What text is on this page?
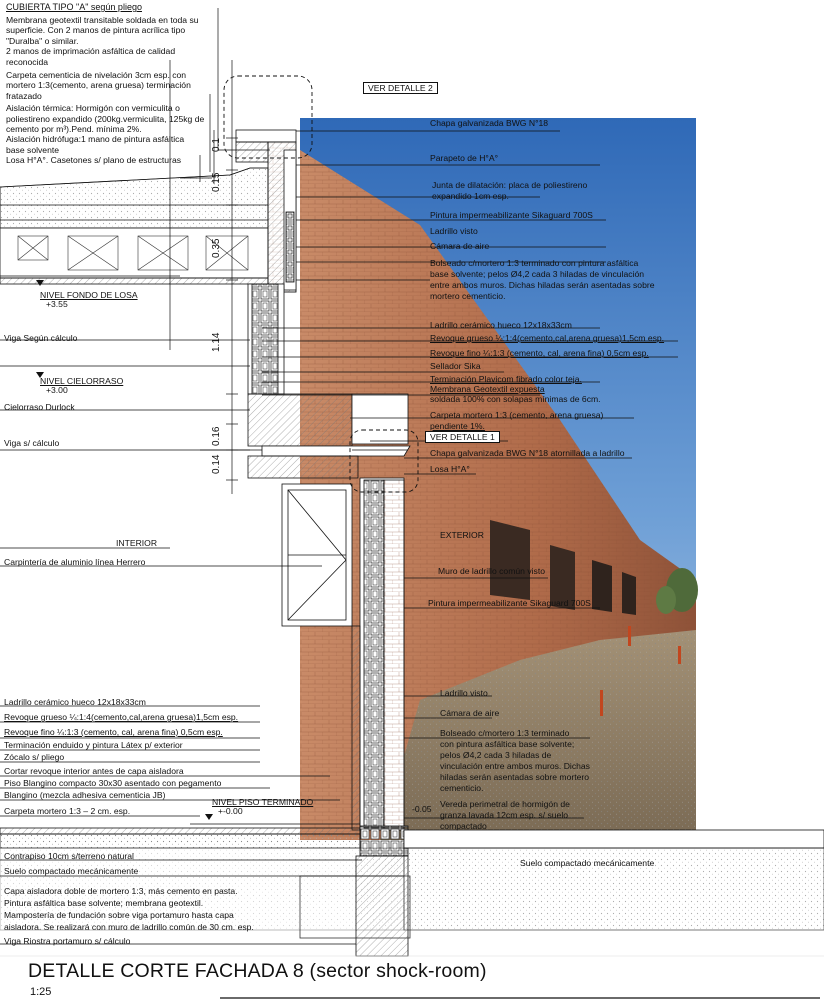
CUBIERTA TIPO "A" según pliego
Membrana geotextil transitable soldada en toda su
superficie. Con 2 manos de pintura acrílica tipo
"Duralba" o similar.
2 manos de imprimación asfáltica de calidad
reconocida
Carpeta cementicia de nivelación 3cm esp. con
mortero 1:3(cemento, arena gruesa) terminación
fratazado
Aislación térmica: Hormigón con vermiculita o
poliestireno expandido (200kg.vermiculita, 125kg de
cemento por m³).Pend. mínima 2%.
Aislación hidrófuga:1 mano de pintura asfáltica
base solvente
Losa H°A°. Casetones s/ plano de estructuras
NIVEL FONDO DE LOSA
+3.55
Viga Según cálculo
NIVEL CIELORRASO
+3.00
Cielorraso Durlock
Viga s/ cálculo
INTERIOR
Carpintería de aluminio línea Herrero
Ladrillo cerámico hueco 12x18x33cm
Revoque grueso ¼:1:4(cemento,cal,arena gruesa)1,5cm esp.
Revoque fino ¼:1:3 (cemento, cal, arena fina) 0,5cm esp.
Terminación enduido y pintura Látex p/ exterior
Zócalo s/ pliego
Cortar revoque interior antes de capa aisladora
Piso Blangino compacto 30x30 asentado con pegamento
Blangino (mezcla adhesiva cementicia JB)
Carpeta mortero 1:3 – 2 cm. esp.
NIVEL PISO TERMINADO
+-0.00
Contrapiso 10cm s/terreno natural
Suelo compactado mecánicamente
Capa aisladora doble de mortero 1:3, más cemento en pasta.
Pintura asfáltica base solvente; membrana geotextil.
Mampostería de fundación sobre viga portamuro hasta capa
aisladora. Se realizará con muro de ladrillo común de 30 cm. esp.
Viga Riostra portamuro s/ cálculo
0.1
0.15
0.35
1.14
0.16
0.14
-0.05
VER DETALLE 2
Chapa galvanizada BWG N°18
Parapeto de H°A°
Junta de dilatación: placa de poliestireno
expandido 1cm esp.
Pintura impermeabilizante Sikaguard 700S
Ladrillo visto
Cámara de aire
Bolseado c/mortero 1:3 terminado con pintura asfáltica
base solvente; pelos Ø4,2 cada 3 hiladas de vinculación
entre ambos muros. Dichas hiladas serán asentadas sobre
mortero cementicio.
Ladrillo cerámico hueco 12x18x33cm
Revoque grueso ¼:1:4(cemento,cal,arena gruesa)1,5cm esp.
Revoque fino ¼:1:3 (cemento, cal, arena fina) 0,5cm esp.
Sellador Sika
Terminación Plavicom fibrado color teja.
Membrana Geotextil expuesta
soldada 100% con solapas mínimas de 6cm.
Carpeta mortero 1:3 (cemento, arena gruesa)
pendiente 1%.
VER DETALLE 1
Chapa galvanizada BWG N°18 atornillada a ladrillo
Losa H°A°
EXTERIOR
Muro de ladrillo común visto
Pintura impermeabilizante Sikaguard 700S
Ladrillo visto
Cámara de aire
Bolseado c/mortero 1:3 terminado
con pintura asfáltica base solvente;
pelos Ø4,2 cada 3 hiladas de
vinculación entre ambos muros. Dichas
hiladas serán asentadas sobre mortero
cementicio.
Vereda perimetral de hormigón de
granza lavada 12cm esp. s/ suelo
compactado
Suelo compactado mecánicamente
DETALLE CORTE FACHADA 8 (sector shock-room)
1:25
